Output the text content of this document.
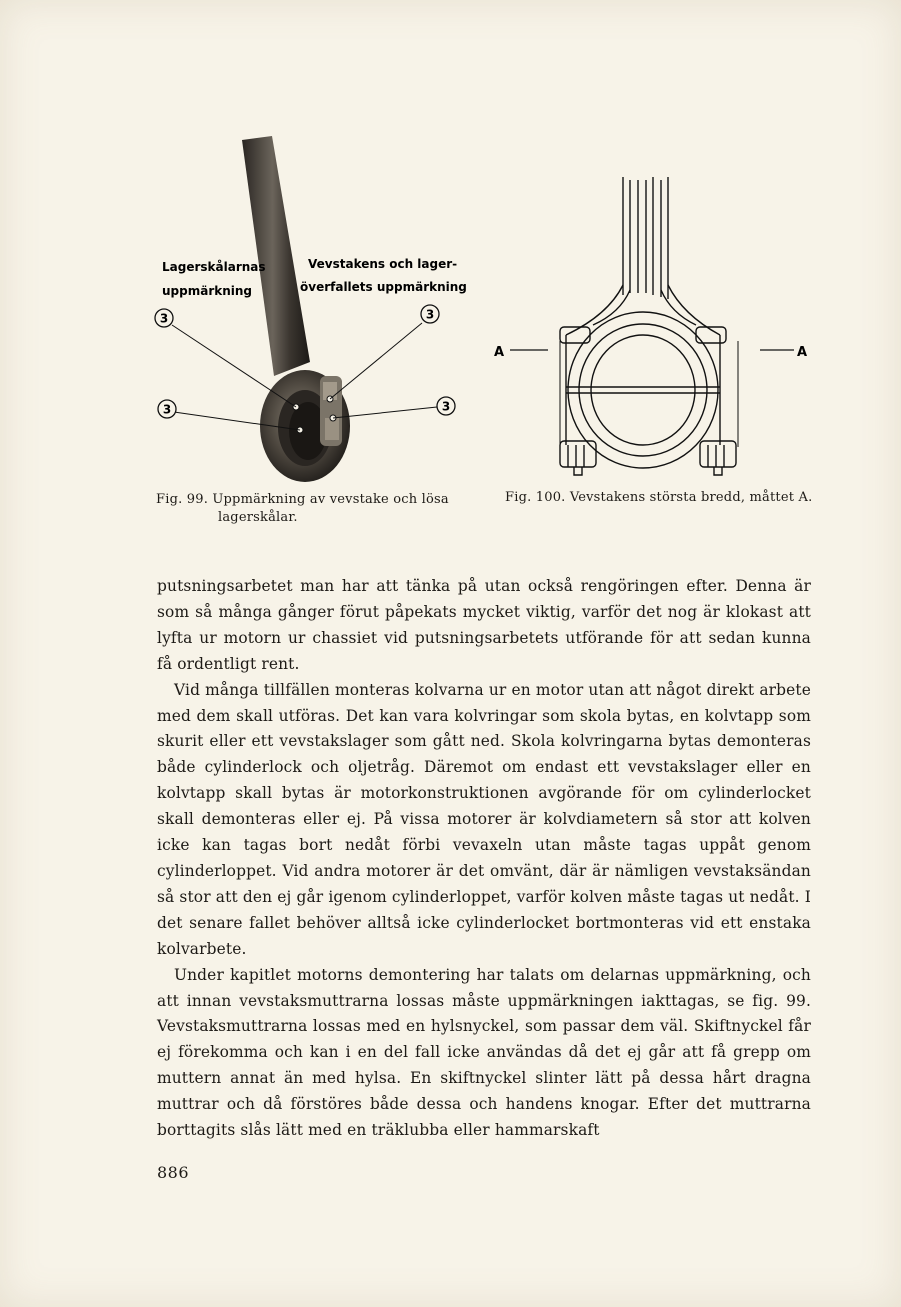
3
3
3
3
Lagerskålarnas
uppmärkning
Vevstakens och lager-
överfallets uppmärkning
A	A
Fig. 99. Uppmärkning av vevstake och lösa
lagerskålar.
Fig. 100. Vevstakens största bredd, måttet A.

putsningsarbetet man har att tänka på utan också rengöringen efter. Denna är som så många gånger förut påpekats mycket viktig, varför det nog är klokast att lyfta ur motorn ur chassiet vid putsningsarbetets utförande för att sedan kunna få ordentligt rent.

Vid många tillfällen monteras kolvarna ur en motor utan att något direkt arbete med dem skall utföras. Det kan vara kolvringar som skola bytas, en kolvtapp som skurit eller ett vevstakslager som gått ned. Skola kolvringarna bytas demonteras både cylinderlock och oljetråg. Däremot om endast ett vevstakslager eller en kolvtapp skall bytas är motorkonstruktionen avgörande för om cylinderlocket skall demonteras eller ej. På vissa motorer är kolvdiametern så stor att kolven icke kan tagas bort nedåt förbi vevaxeln utan måste tagas uppåt genom cylinderloppet. Vid andra motorer är det omvänt, där är nämligen vevstaksändan så stor att den ej går igenom cylinderloppet, varför kolven måste tagas ut nedåt. I det senare fallet behöver alltså icke cylinderlocket bortmonteras vid ett enstaka kolvarbete.

Under kapitlet motorns demontering har talats om delarnas uppmärkning, och att innan vevstaksmuttrarna lossas måste uppmärkningen iakttagas, se fig. 99. Vevstaksmuttrarna lossas med en hylsnyckel, som passar dem väl. Skiftnyckel får ej förekomma och kan i en del fall icke användas då det ej går att få grepp om muttern annat än med hylsa. En skiftnyckel slinter lätt på dessa hårt dragna muttrar och då förstöres både dessa och handens knogar. Efter det muttrarna borttagits slås lätt med en träklubba eller hammarskaft

886
